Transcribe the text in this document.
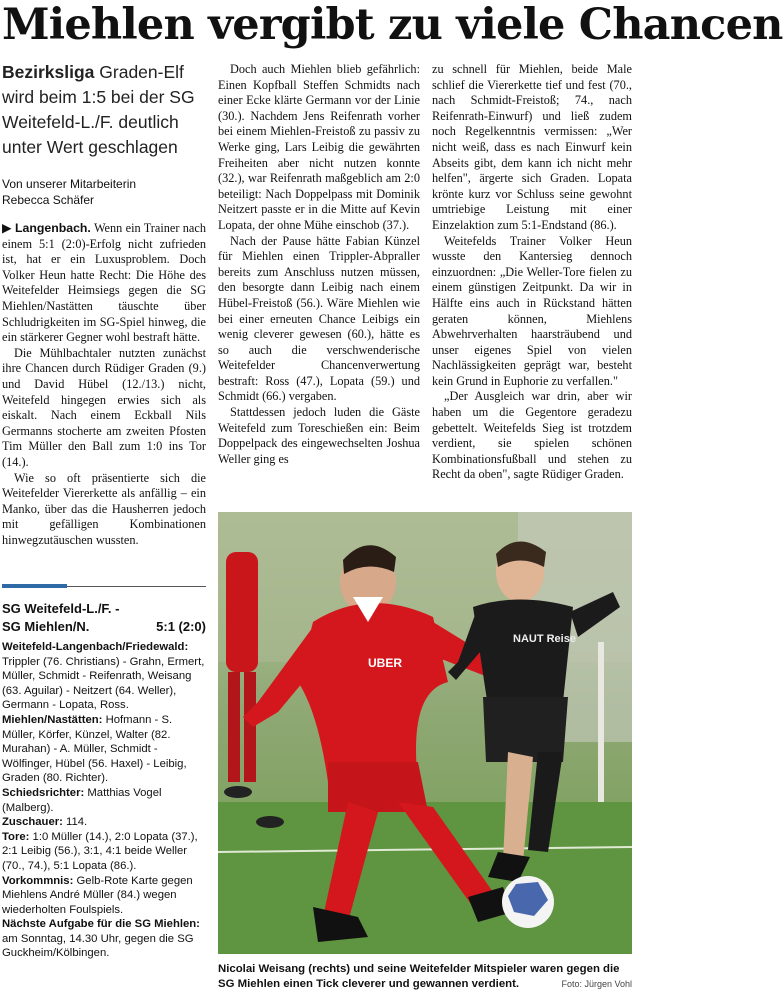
Miehlen vergibt zu viele Chancen
Bezirksliga Graden-Elf wird beim 1:5 bei der SG Weitefeld-L./F. deutlich unter Wert geschlagen
Von unserer Mitarbeiterin
Rebecca Schäfer

▶ Langenbach. Wenn ein Trainer nach einem 5:1 (2:0)-Erfolg nicht zufrieden ist, hat er ein Luxusproblem. Doch Volker Heun hatte Recht: Die Höhe des Weitefelder Heimsiegs gegen die SG Miehlen/Nastätten täuschte über Schludrigkeiten im SG-Spiel hinweg, die ein stärkerer Gegner wohl bestraft hätte.

Die Mühlbachtaler nutzten zunächst ihre Chancen durch Rüdiger Graden (9.) und David Hübel (12./13.) nicht, Weitefeld hingegen erwies sich als eiskalt. Nach einem Eckball Nils Germanns stocherte am zweiten Pfosten Tim Müller den Ball zum 1:0 ins Tor (14.).

Wie so oft präsentierte sich die Weitefelder Viererkette als anfällig – ein Manko, über das die Hausherren jedoch mit gefälligen Kombinationen hinwegzutäuschen wussten.

SG Weitefeld-L./F. -
SG Miehlen/N.	5:1 (2:0)
Weitefeld-Langenbach/Friedewald: Trippler (76. Christians) - Grahn, Ermert, Müller, Schmidt - Reifenrath, Weisang (63. Aguilar) - Neitzert (64. Weller), Germann - Lopata, Ross.
Miehlen/Nastätten: Hofmann - S. Müller, Körfer, Künzel, Walter (82. Murahan) - A. Müller, Schmidt - Wölfinger, Hübel (56. Haxel) - Leibig, Graden (80. Richter).
Schiedsrichter: Matthias Vogel (Malberg).
Zuschauer: 114.
Tore: 1:0 Müller (14.), 2:0 Lopata (37.), 2:1 Leibig (56.), 3:1, 4:1 beide Weller (70., 74.), 5:1 Lopata (86.).
Vorkommnis: Gelb-Rote Karte gegen Miehlens André Müller (84.) wegen wiederholten Foulspiels.
Nächste Aufgabe für die SG Miehlen: am Sonntag, 14.30 Uhr, gegen die SG Guckheim/Kölbingen.

Doch auch Miehlen blieb gefährlich: Einen Kopfball Steffen Schmidts nach einer Ecke klärte Germann vor der Linie (30.). Nachdem Jens Reifenrath vorher bei einem Miehlen-Freistoß zu passiv zu Werke ging, Lars Leibig die gewährten Freiheiten aber nicht nutzen konnte (32.), war Reifenrath maßgeblich am 2:0 beteiligt: Nach Doppelpass mit Dominik Neitzert passte er in die Mitte auf Kevin Lopata, der ohne Mühe einschob (37.).

Nach der Pause hätte Fabian Künzel für Miehlen einen Trippler-Abpraller bereits zum Anschluss nutzen müssen, den besorgte dann Leibig nach einem Hübel-Freistoß (56.). Wäre Miehlen wie bei einer erneuten Chance Leibigs ein wenig cleverer gewesen (60.), hätte es so auch die verschwenderische Weitefelder Chancenverwertung bestraft: Ross (47.), Lopata (59.) und Schmidt (66.) vergaben.

Stattdessen jedoch luden die Gäste Weitefeld zum Toreschießen ein: Beim Doppelpack des eingewechselten Joshua Weller ging es

zu schnell für Miehlen, beide Male schlief die Viererkette tief und fest (70., nach Schmidt-Freistoß; 74., nach Reifenrath-Einwurf) und ließ zudem noch Regelkenntnis vermissen: „Wer nicht weiß, dass es nach Einwurf kein Abseits gibt, dem kann ich nicht mehr helfen", ärgerte sich Graden. Lopata krönte kurz vor Schluss seine gewohnt umtriebige Leistung mit einer Einzelaktion zum 5:1-Endstand (86.).

Weitefelds Trainer Volker Heun wusste den Kantersieg dennoch einzuordnen: „Die Weller-Tore fielen zu einem günstigen Zeitpunkt. Da wir in Hälfte eins auch in Rückstand hätten geraten können, Miehlens Abwehrverhalten haarsträubend und unser eigenes Spiel von vielen Nachlässigkeiten geprägt war, besteht kein Grund in Euphorie zu verfallen."

„Der Ausgleich war drin, aber wir haben um die Gegentore geradezu gebettelt. Weitefelds Sieg ist trotzdem verdient, sie spielen schönen Kombinationsfußball und stehen zu Recht da oben", sagte Rüdiger Graden.

UBER
NAUT Reise
Nicolai Weisang (rechts) und seine Weitefelder Mitspieler waren gegen die SG Miehlen einen Tick cleverer und gewannen verdient.	Foto: Jürgen Vohl
